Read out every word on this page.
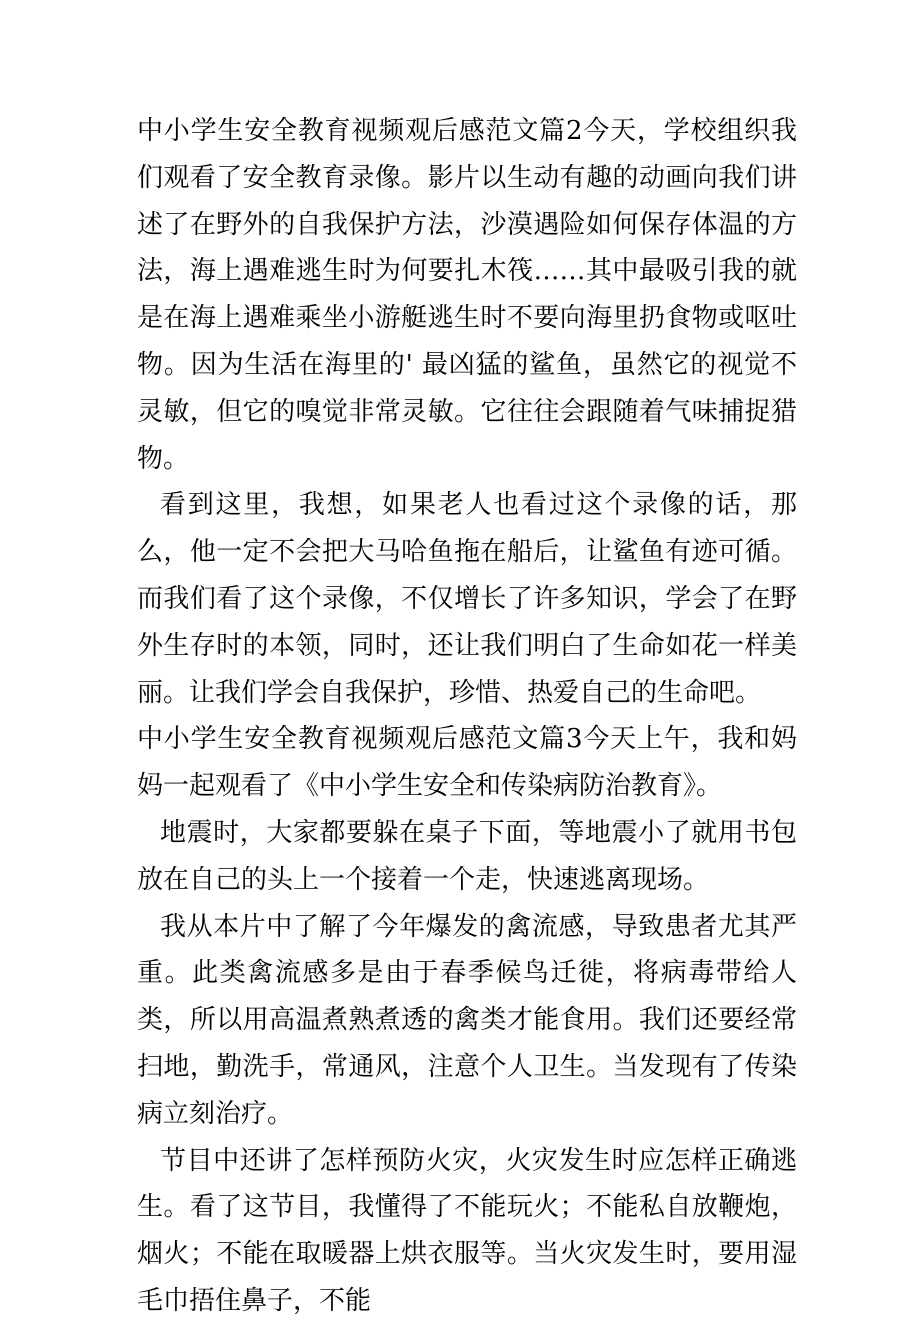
中小学生安全教育视频观后感范文篇2今天，学校组织我们观看了安全教育录像。影片以生动有趣的动画向我们讲述了在野外的自我保护方法，沙漠遇险如何保存体温的方法，海上遇难逃生时为何要扎木筏……其中最吸引我的就是在海上遇难乘坐小游艇逃生时不要向海里扔食物或呕吐物。因为生活在海里的' 最凶猛的鲨鱼，虽然它的视觉不灵敏，但它的嗅觉非常灵敏。它往往会跟随着气味捕捉猎物。

看到这里，我想，如果老人也看过这个录像的话，那么，他一定不会把大马哈鱼拖在船后，让鲨鱼有迹可循。而我们看了这个录像，不仅增长了许多知识，学会了在野外生存时的本领，同时，还让我们明白了生命如花一样美丽。让我们学会自我保护，珍惜、热爱自己的生命吧。

中小学生安全教育视频观后感范文篇3今天上午，我和妈妈一起观看了《中小学生安全和传染病防治教育》。

地震时，大家都要躲在桌子下面，等地震小了就用书包放在自己的头上一个接着一个走，快速逃离现场。

我从本片中了解了今年爆发的禽流感，导致患者尤其严重。此类禽流感多是由于春季候鸟迁徙，将病毒带给人类，所以用高温煮熟煮透的禽类才能食用。我们还要经常扫地，勤洗手，常通风，注意个人卫生。当发现有了传染病立刻治疗。

节目中还讲了怎样预防火灾，火灾发生时应怎样正确逃生。看了这节目，我懂得了不能玩火；不能私自放鞭炮，烟火；不能在取暖器上烘衣服等。当火灾发生时，要用湿毛巾捂住鼻子，不能
